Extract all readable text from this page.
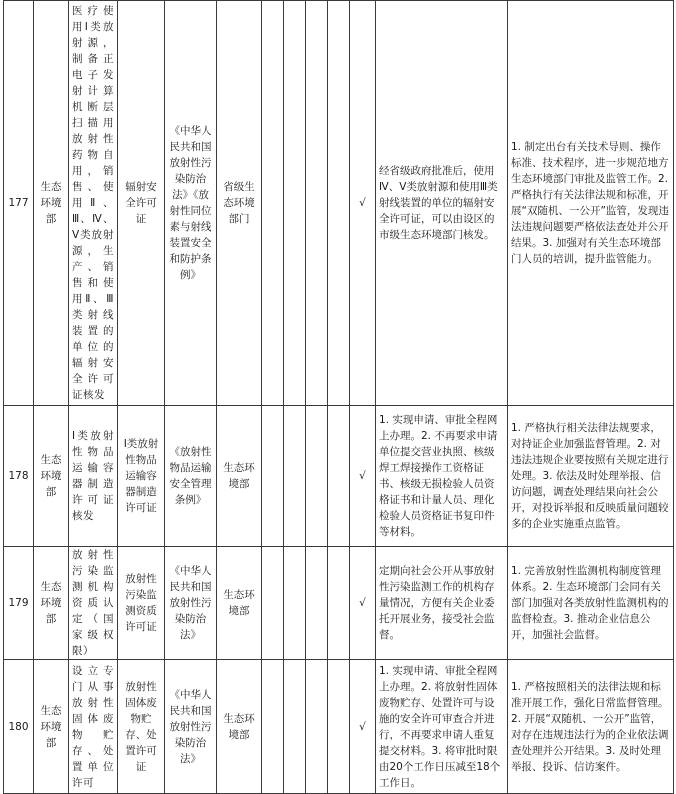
177	生态环境部	医疗使用Ⅰ类放射源，制备正电子发射计算机断层扫描用放射性药物自用，销售、使用Ⅱ、Ⅲ、Ⅳ、Ⅴ类放射源，生产、销售和使用Ⅱ、Ⅲ类射线装置的单位的辐射安全许可证核发	辐射安全许可证	《中华人民共和国放射性污染防治法》《放射性同位素与射线装置安全和防护条例》	省级生态环境部门					√	经省级政府批准后，使用Ⅳ、Ⅴ类放射源和使用Ⅲ类射线装置的单位的辐射安全许可证，可以由设区的市级生态环境部门核发。	1. 制定出台有关技术导则、操作标准、技术程序，进一步规范地方生态环境部门审批及监管工作。2. 严格执行有关法律法规和标准，开展“双随机、一公开”监管，发现违法违规问题要严格依法查处并公开结果。3. 加强对有关生态环境部门人员的培训，提升监管能力。
178	生态环境部	Ⅰ类放射性物品运输容器制造许可证核发	Ⅰ类放射性物品运输容器制造许可证	《放射性物品运输安全管理条例》	生态环境部					√	1. 实现申请、审批全程网上办理。2. 不再要求申请单位提交营业执照、核级焊工焊接操作工资格证书、核级无损检验人员资格证书和计量人员、理化检验人员资格证书复印件等材料。	1. 严格执行相关法律法规要求，对持证企业加强监督管理。2. 对违法违规企业要按照有关规定进行处理。3. 依法及时处理举报、信访问题，调查处理结果向社会公开，对投诉举报和反映质量问题较多的企业实施重点监管。
179	生态环境部	放射性污染监测机构资质认定（国家级权限）	放射性污染监测资质许可证	《中华人民共和国放射性污染防治法》	生态环境部					√	定期向社会公开从事放射性污染监测工作的机构存量情况，方便有关企业委托开展业务，接受社会监督。	1. 完善放射性监测机构制度管理体系。2. 生态环境部门会同有关部门加强对各类放射性监测机构的监督检查。3. 推动企业信息公开，加强社会监督。
180	生态环境部	设立专门从事放射性固体废物贮存、处置单位许可	放射性固体废物贮存、处置许可证	《中华人民共和国放射性污染防治法》	生态环境部					√	1. 实现申请、审批全程网上办理。2. 将放射性固体废物贮存、处置许可与设施的安全许可审查合并进行，不再要求申请人重复提交材料。3. 将审批时限由20个工作日压减至18个工作日。	1. 严格按照相关的法律法规和标准开展工作，强化日常监督管理。2. 开展“双随机、一公开”监管，对存在违规违法行为的企业依法调查处理并公开结果。3. 及时处理举报、投诉、信访案件。
